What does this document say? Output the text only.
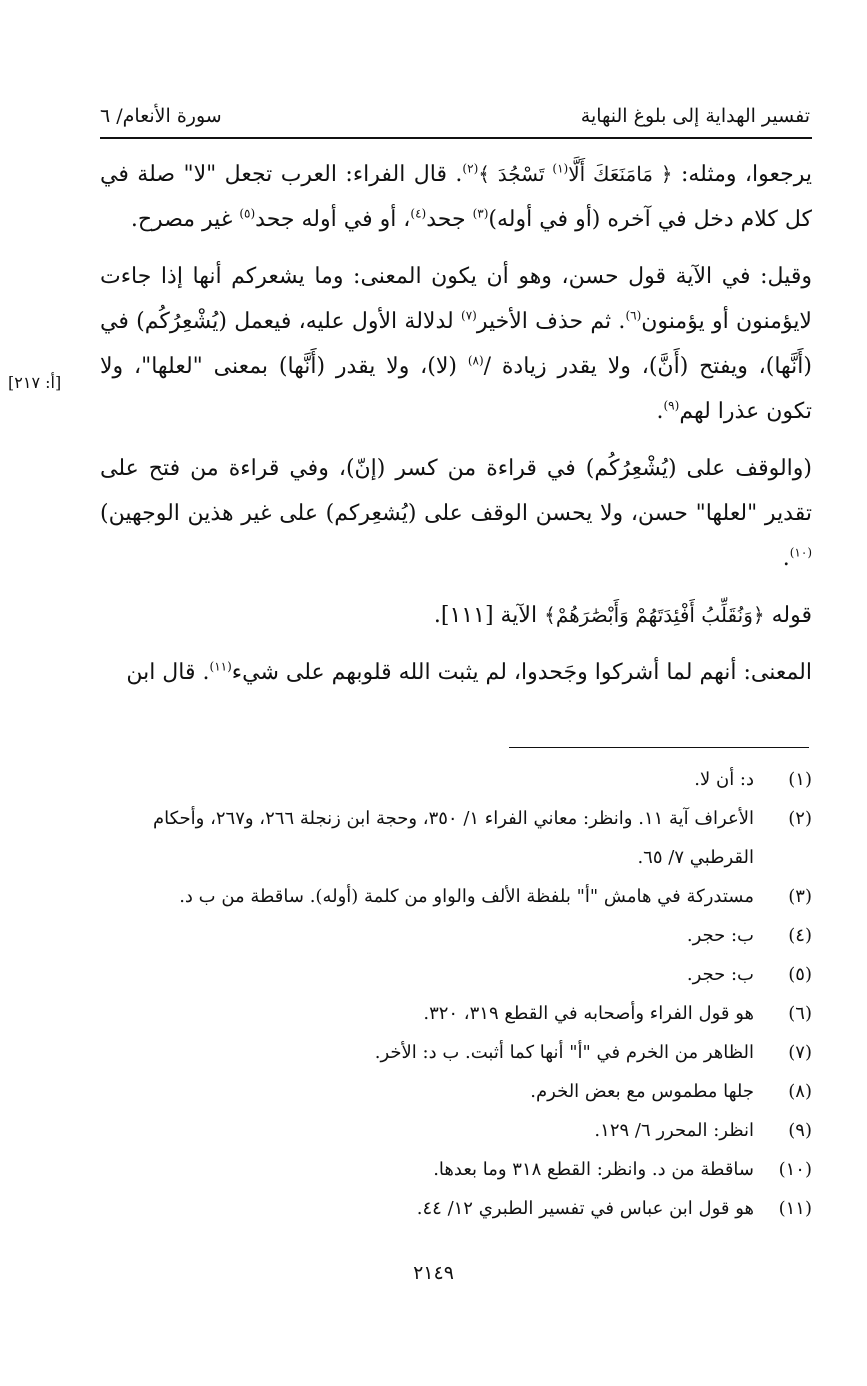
تفسير الهداية إلى بلوغ النهاية
سورة الأنعام/ ٦
[أ: ٢١٧]

يرجعوا، ومثله: ﴿ مَامَنَعَكَ أَلَّا$^{(١)}$ تَسْجُدَ ﴾$^{(٢)}$. قال الفراء: العرب تجعل "لا" صلة في كل كلام دخل في آخره (أو في أوله)$^{(٣)}$ جحد$^{(٤)}$، أو في أوله جحد$^{(٥)}$ غير مصرح.

وقيل: في الآية قول حسن، وهو أن يكون المعنى: وما يشعركم أنها إذا جاءت لايؤمنون أو يؤمنون$^{(٦)}$. ثم حذف الأخير$^{(٧)}$ لدلالة الأول عليه، فيعمل (يُشْعِرُكُم) في (أَنَّها)، ويفتح (أَنَّ)، ولا يقدر زيادة /$^{(٨)}$ (لا)، ولا يقدر (أَنَّها) بمعنى "لعلها"، ولا تكون عذرا لهم$^{(٩)}$.

(والوقف على (يُشْعِرُكُم) في قراءة من كسر (إنّ)، وفي قراءة من فتح على تقدير "لعلها" حسن، ولا يحسن الوقف على (يُشعِركم) على غير هذين الوجهين)$^{(١٠)}$.

قوله ﴿وَنُقَلِّبُ أَفْئِدَتَهُمْ وَأَبْصَٰرَهُمْ﴾ الآية [١١١].

المعنى: أنهم لما أشركوا وجَحدوا، لم يثبت الله قلوبهم على شيء$^{(١١)}$. قال ابن

(١)
د: أن لا.
(٢)
الأعراف آية ١١. وانظر: معاني الفراء ١/ ٣٥٠، وحجة ابن زنجلة ٢٦٦، و٢٦٧، وأحكام القرطبي ٧/ ٦٥.
(٣)
مستدركة في هامش "أ" بلفظة الألف والواو من كلمة (أوله). ساقطة من ب د.
(٤)
ب: حجر.
(٥)
ب: حجر.
(٦)
هو قول الفراء وأصحابه في القطع ٣١٩، ٣٢٠.
(٧)
الظاهر من الخرم في "أ" أنها كما أثبت. ب د: الأخر.
(٨)
جلها مطموس مع بعض الخرم.
(٩)
انظر: المحرر ٦/ ١٢٩.
(١٠)
ساقطة من د. وانظر: القطع ٣١٨ وما بعدها.
(١١)
هو قول ابن عباس في تفسير الطبري ١٢/ ٤٤.
٢١٤٩
